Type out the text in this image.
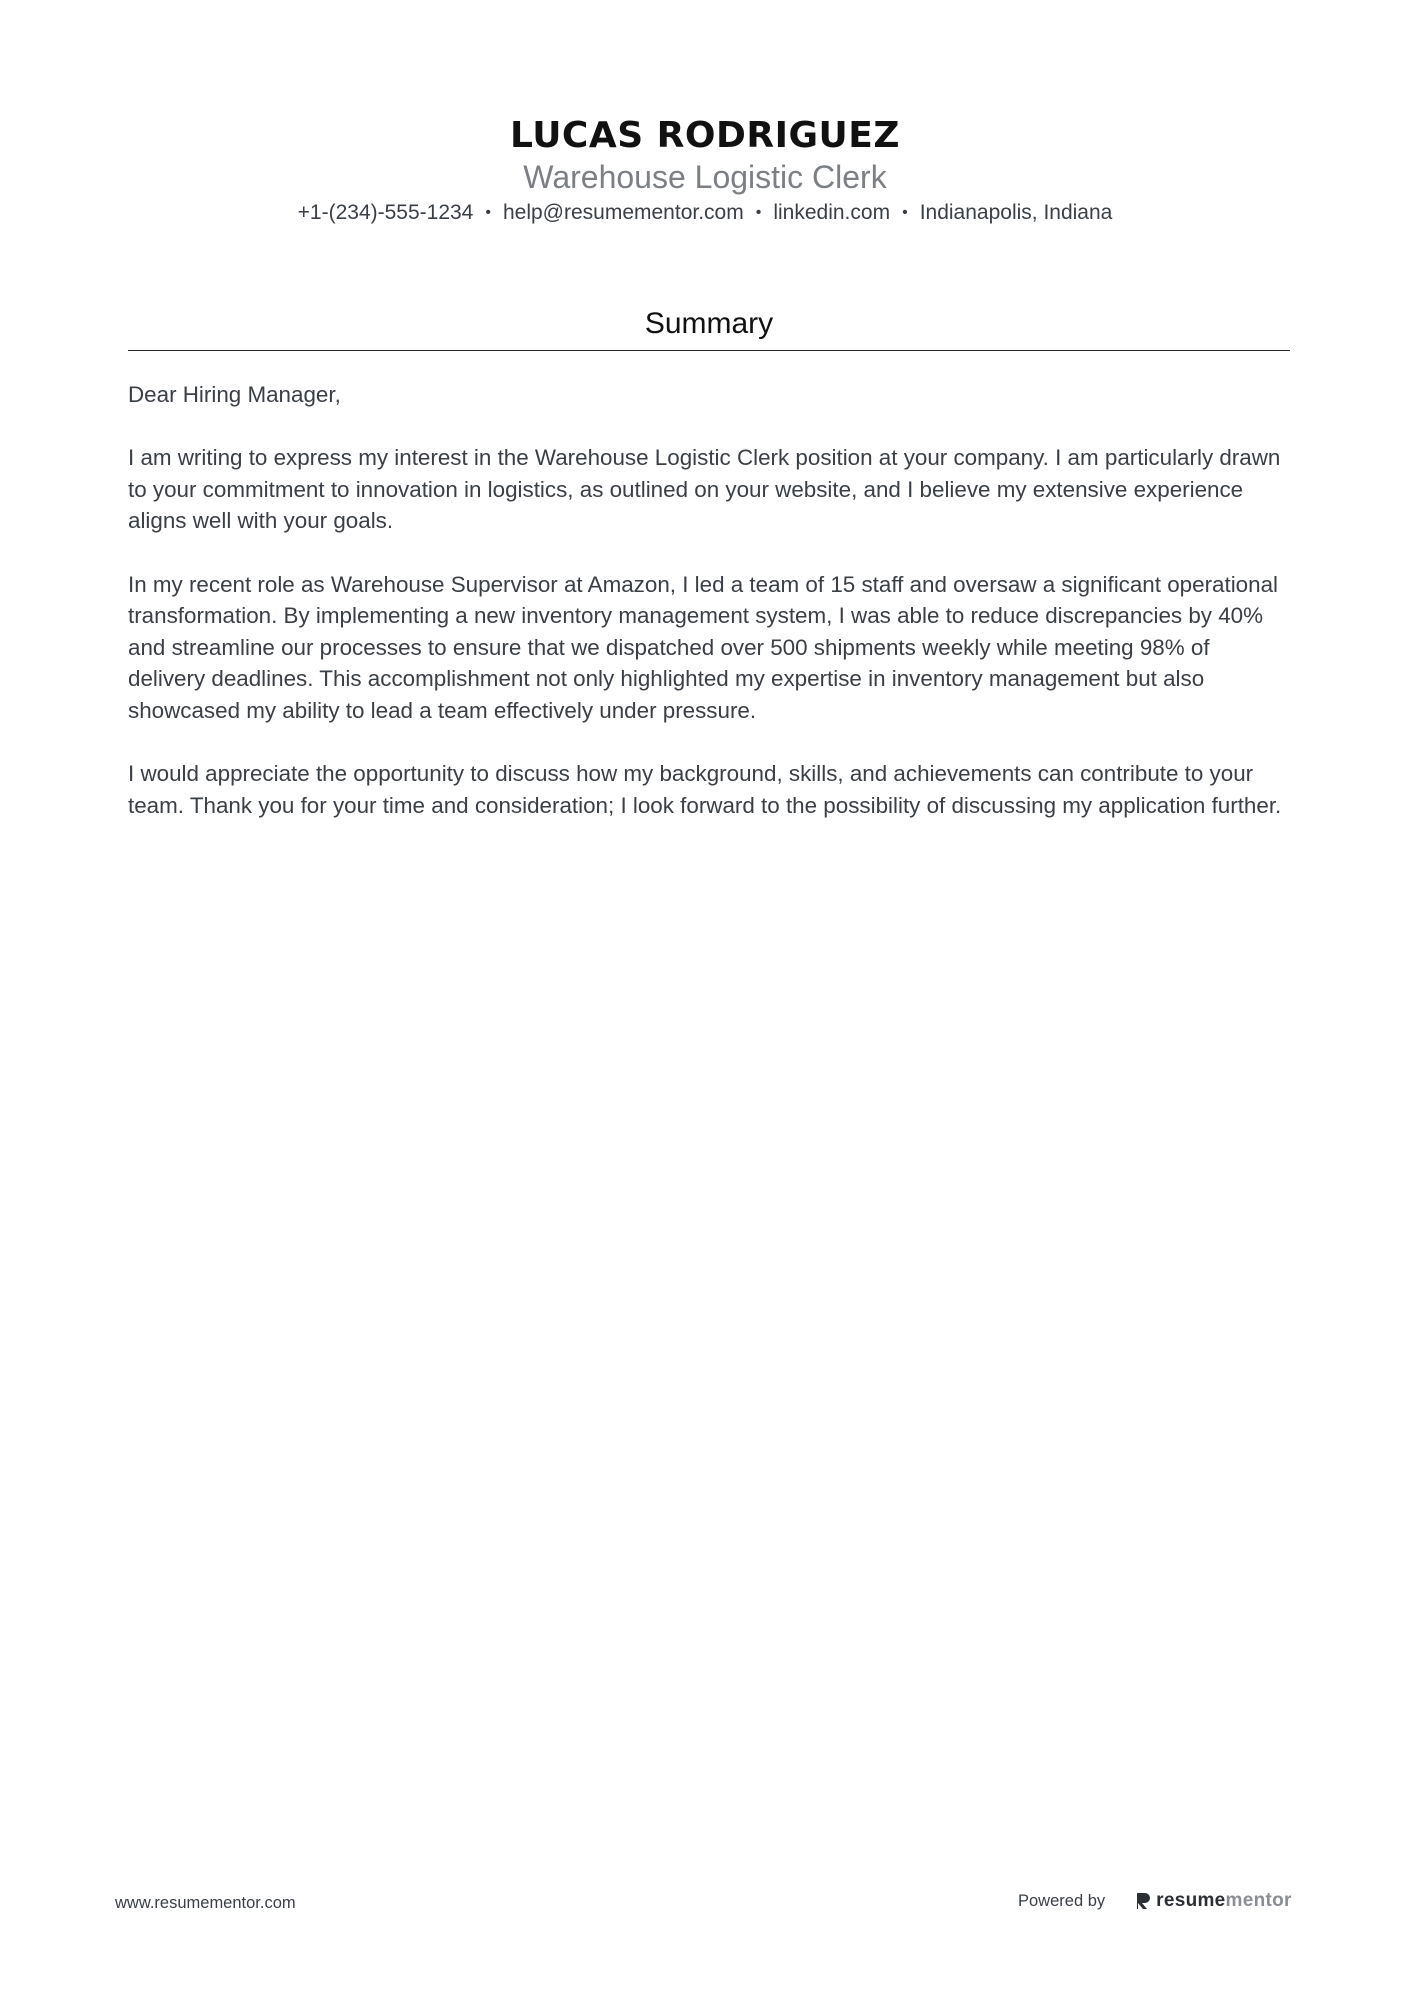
LUCAS RODRIGUEZ
Warehouse Logistic Clerk
+1-(234)-555-1234 • help@resumementor.com • linkedin.com • Indianapolis, Indiana
Summary

Dear Hiring Manager,

I am writing to express my interest in the Warehouse Logistic Clerk position at your company. I am particularly drawn to your commitment to innovation in logistics, as outlined on your website, and I believe my extensive experience aligns well with your goals.

In my recent role as Warehouse Supervisor at Amazon, I led a team of 15 staff and oversaw a significant operational transformation. By implementing a new inventory management system, I was able to reduce discrepancies by 40% and streamline our processes to ensure that we dispatched over 500 shipments weekly while meeting 98% of delivery deadlines. This accomplishment not only highlighted my expertise in inventory management but also showcased my ability to lead a team effectively under pressure.

I would appreciate the opportunity to discuss how my background, skills, and achievements can contribute to your team. Thank you for your time and consideration; I look forward to the possibility of discussing my application further.

www.resumementor.com	Powered by	resume mentor
